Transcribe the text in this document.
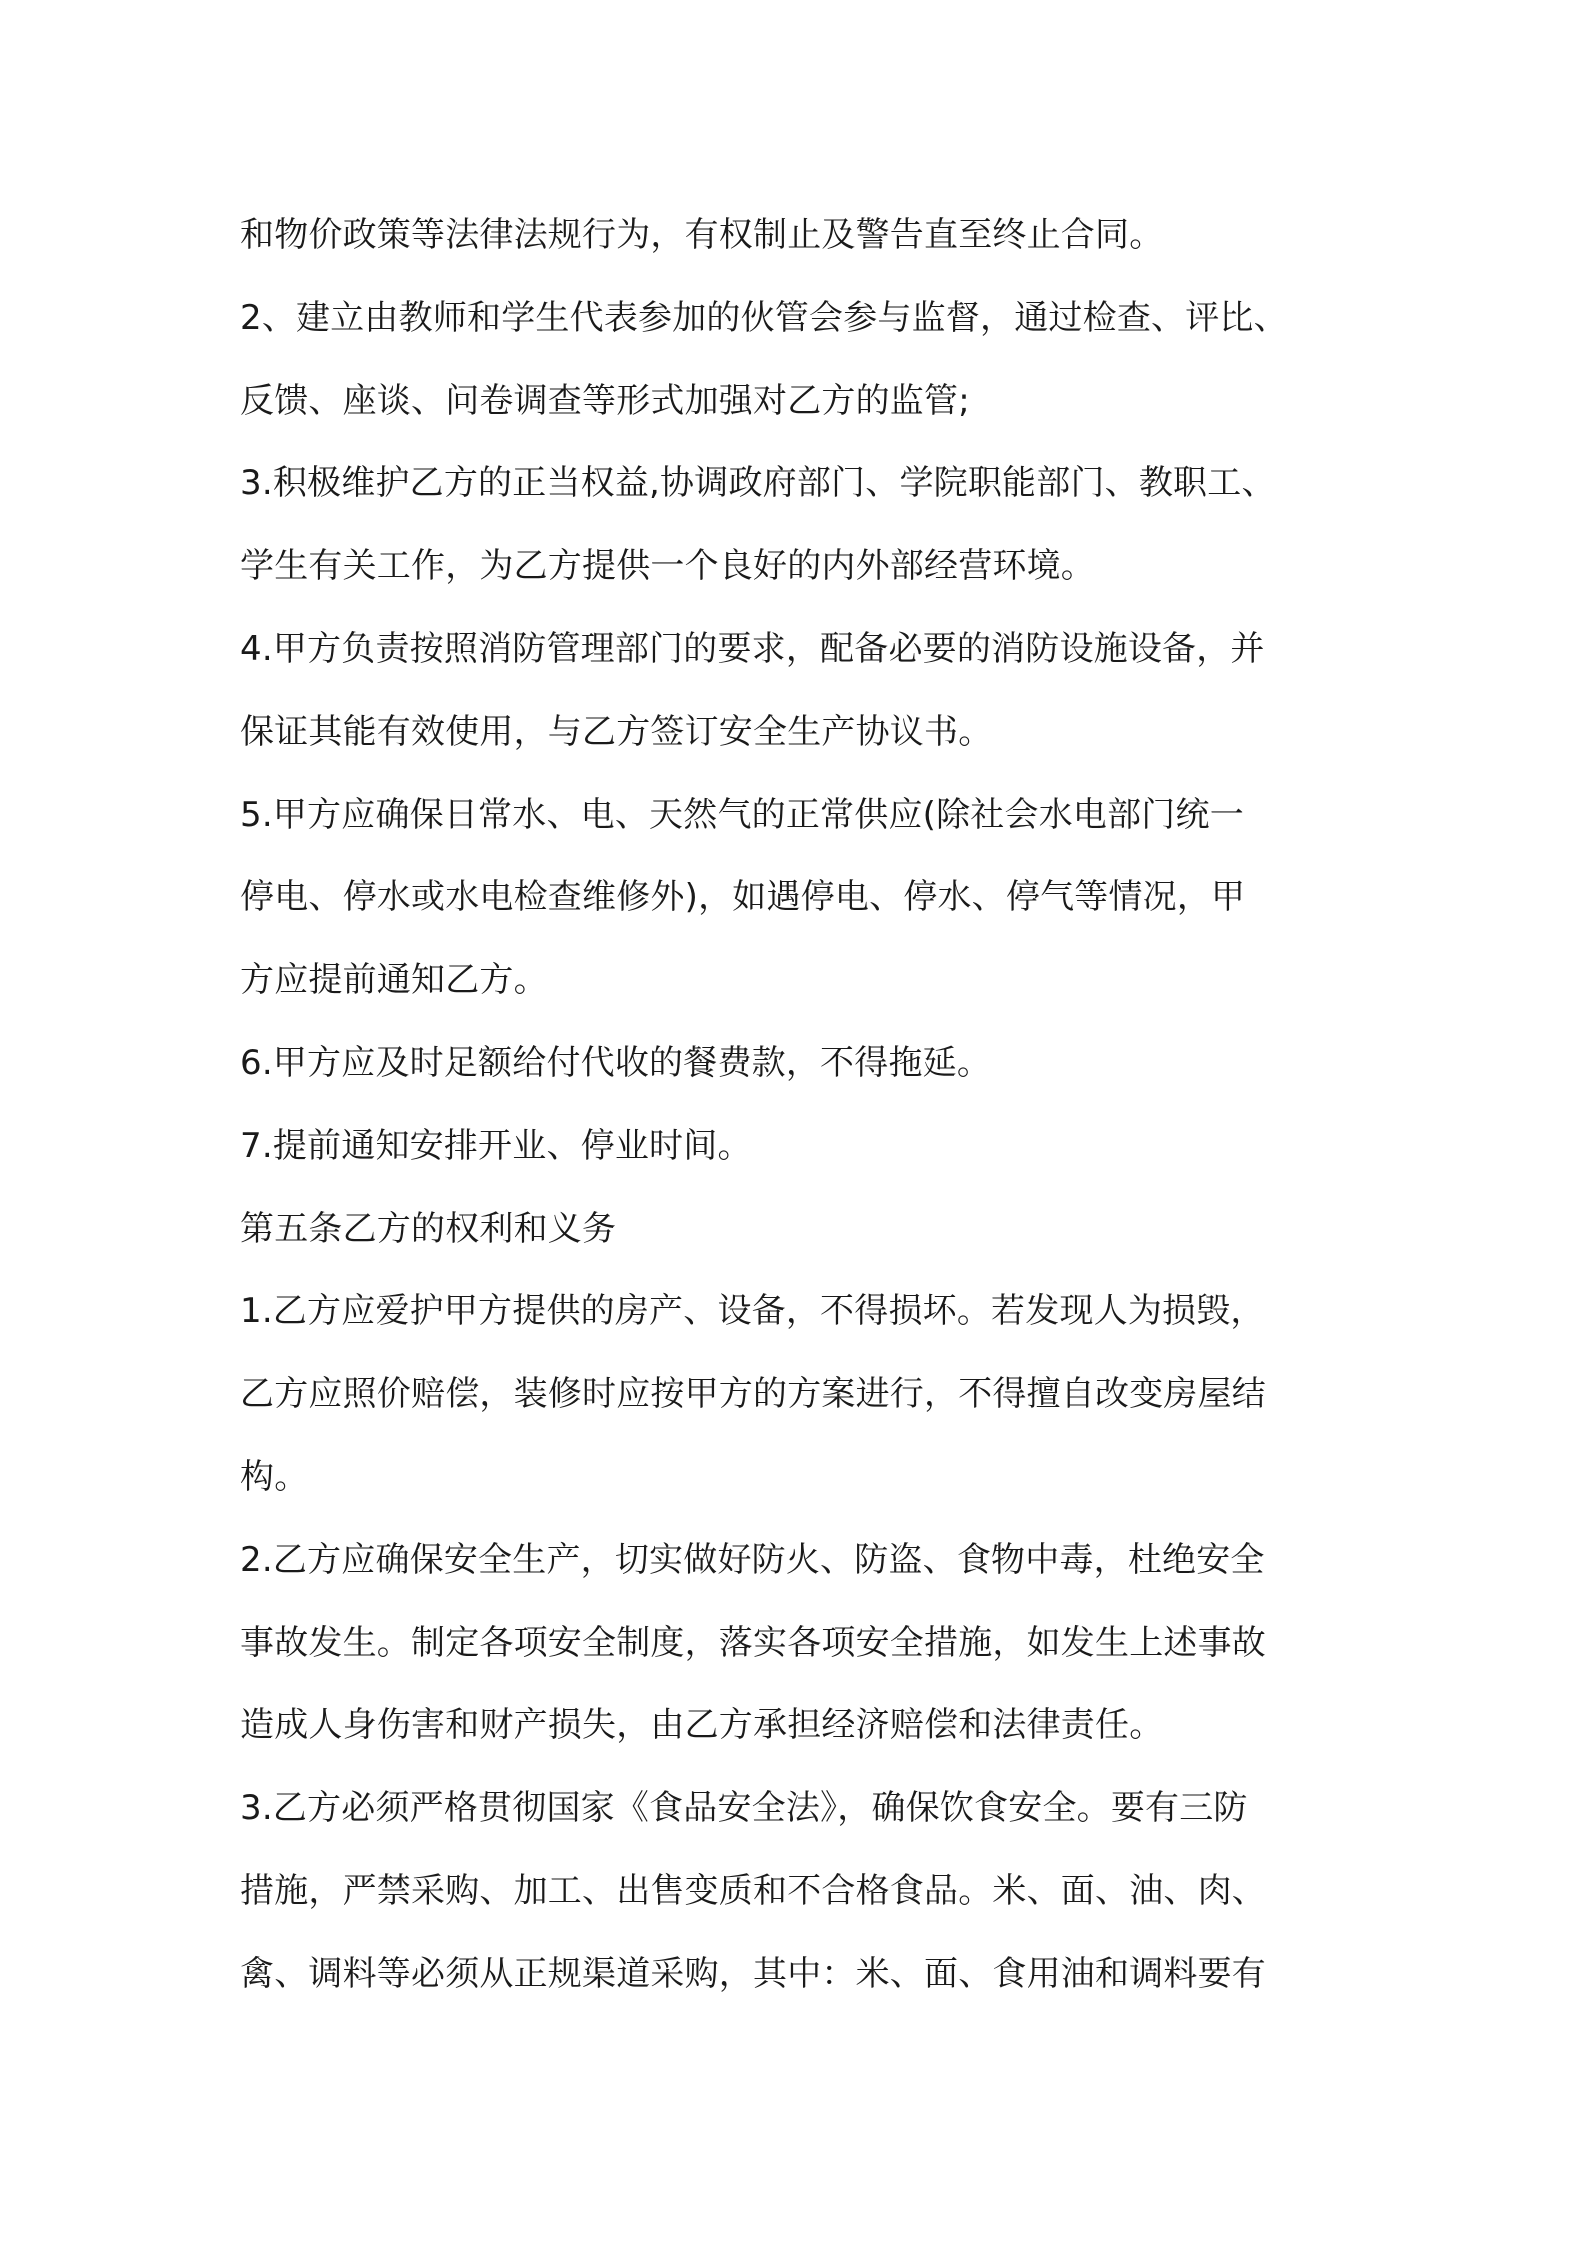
和物价政策等法律法规行为，有权制止及警告直至终止合同。
2、建立由教师和学生代表参加的伙管会参与监督，通过检查、评比、
反馈、座谈、问卷调查等形式加强对乙方的监管;
3.积极维护乙方的正当权益,协调政府部门、学院职能部门、教职工、
学生有关工作，为乙方提供一个良好的内外部经营环境。
4.甲方负责按照消防管理部门的要求，配备必要的消防设施设备，并
保证其能有效使用，与乙方签订安全生产协议书。
5.甲方应确保日常水、电、天然气的正常供应(除社会水电部门统一
停电、停水或水电检查维修外)，如遇停电、停水、停气等情况，甲
方应提前通知乙方。
6.甲方应及时足额给付代收的餐费款，不得拖延。
7.提前通知安排开业、停业时间。
第五条乙方的权利和义务
1.乙方应爱护甲方提供的房产、设备，不得损坏。若发现人为损毁，
乙方应照价赔偿，装修时应按甲方的方案进行，不得擅自改变房屋结
构。
2.乙方应确保安全生产，切实做好防火、防盗、食物中毒，杜绝安全
事故发生。制定各项安全制度，落实各项安全措施，如发生上述事故
造成人身伤害和财产损失，由乙方承担经济赔偿和法律责任。
3.乙方必须严格贯彻国家《食品安全法》，确保饮食安全。要有三防
措施，严禁采购、加工、出售变质和不合格食品。米、面、油、肉、
禽、调料等必须从正规渠道采购，其中：米、面、食用油和调料要有
